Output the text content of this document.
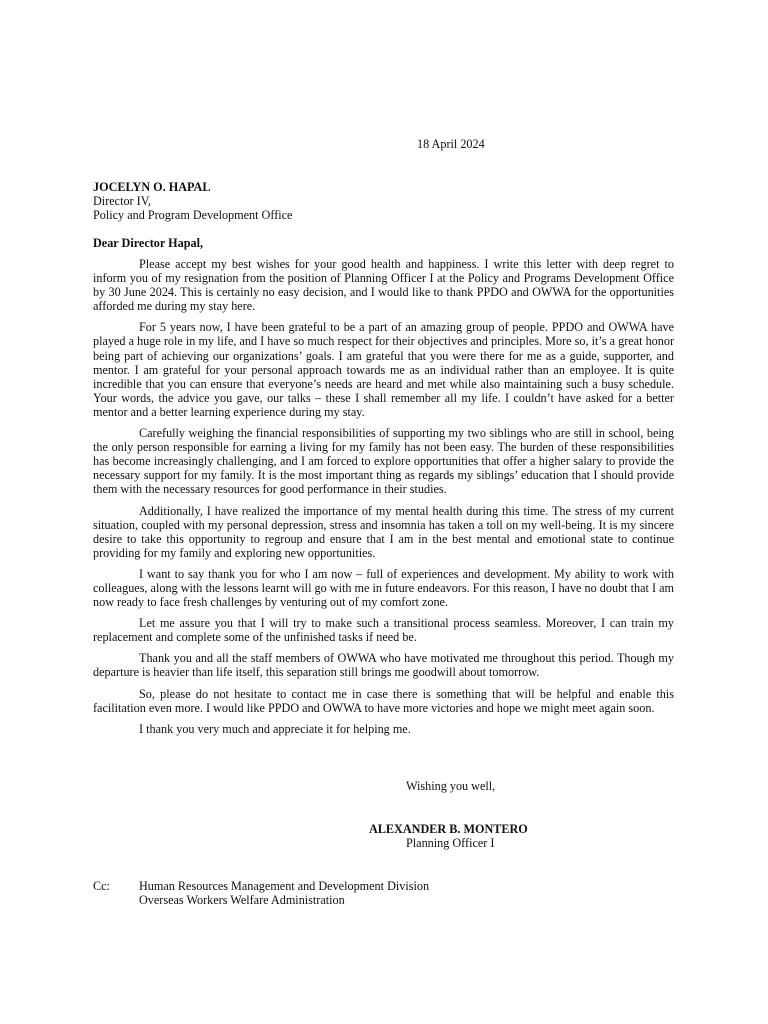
18 April 2024
JOCELYN O. HAPAL
Director IV,
Policy and Program Development Office
Dear Director Hapal,

Please accept my best wishes for your good health and happiness. I write this letter with deep regret to inform you of my resignation from the position of Planning Officer I at the Policy and Programs Development Office by 30 June 2024. This is certainly no easy decision, and I would like to thank PPDO and OWWA for the opportunities afforded me during my stay here.

For 5 years now, I have been grateful to be a part of an amazing group of people. PPDO and OWWA have played a huge role in my life, and I have so much respect for their objectives and principles. More so, it’s a great honor being part of achieving our organizations’ goals. I am grateful that you were there for me as a guide, supporter, and mentor. I am grateful for your personal approach towards me as an individual rather than an employee. It is quite incredible that you can ensure that everyone’s needs are heard and met while also maintaining such a busy schedule. Your words, the advice you gave, our talks – these I shall remember all my life. I couldn’t have asked for a better mentor and a better learning experience during my stay.

Carefully weighing the financial responsibilities of supporting my two siblings who are still in school, being the only person responsible for earning a living for my family has not been easy. The burden of these responsibilities has become increasingly challenging, and I am forced to explore opportunities that offer a higher salary to provide the necessary support for my family. It is the most important thing as regards my siblings’ education that I should provide them with the necessary resources for good performance in their studies.

Additionally, I have realized the importance of my mental health during this time. The stress of my current situation, coupled with my personal depression, stress and insomnia has taken a toll on my well-being. It is my sincere desire to take this opportunity to regroup and ensure that I am in the best mental and emotional state to continue providing for my family and exploring new opportunities.

I want to say thank you for who I am now – full of experiences and development. My ability to work with colleagues, along with the lessons learnt will go with me in future endeavors. For this reason, I have no doubt that I am now ready to face fresh challenges by venturing out of my comfort zone.

Let me assure you that I will try to make such a transitional process seamless. Moreover, I can train my replacement and complete some of the unfinished tasks if need be.

Thank you and all the staff members of OWWA who have motivated me throughout this period. Though my departure is heavier than life itself, this separation still brings me goodwill about tomorrow.

So, please do not hesitate to contact me in case there is something that will be helpful and enable this facilitation even more. I would like PPDO and OWWA to have more victories and hope we might meet again soon.

I thank you very much and appreciate it for helping me.

Wishing you well,
ALEXANDER B. MONTERO
Planning Officer I
Cc: Human Resources Management and Development Division
Overseas Workers Welfare Administration
